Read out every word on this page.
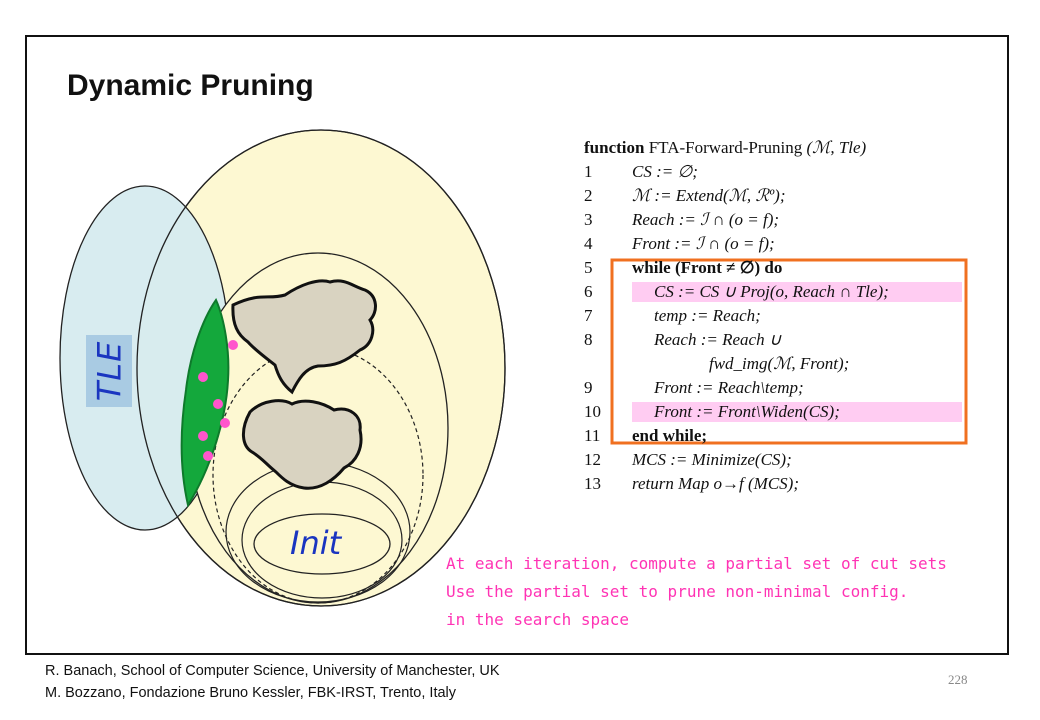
Dynamic Pruning
TLE
Init
function FTA-Forward-Pruning (ℳ, Tle)
1	CS := ∅;
2	ℳ := Extend(ℳ, ℛº);
3	Reach := ℐ ∩ (o = f);
4	Front := ℐ ∩ (o = f);
5	while (Front ≠ ∅) do
6	CS := CS ∪ Proj(o, Reach ∩ Tle);
7	temp := Reach;
8	Reach := Reach ∪
fwd_img(ℳ, Front);
9	Front := Reach\temp;
10	Front := Front\Widen(CS);
11	end while;
12	MCS := Minimize(CS);
13	return Map o→f (MCS);
At each iteration, compute a partial set of cut sets
Use the partial set to prune non-minimal config.
in the search space
R. Banach, School of Computer Science, University of Manchester, UK
M. Bozzano, Fondazione Bruno Kessler, FBK-IRST, Trento, Italy
228
